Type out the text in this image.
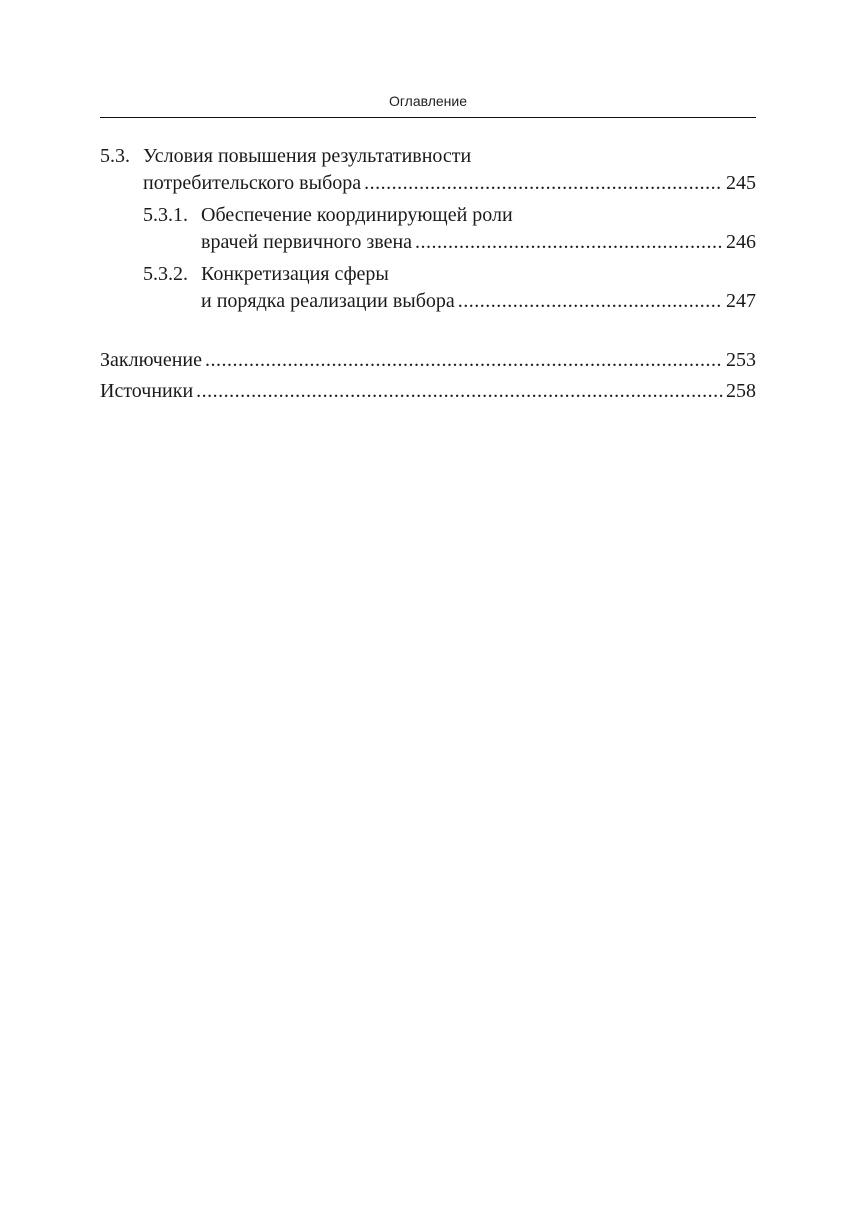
Оглавление
5.3. Условия повышения результативности
потребительского выбора .....	245
5.3.1. Обеспечение координирующей роли
врачей первичного звена .....	246
5.3.2. Конкретизация сферы
и порядка реализации выбора .....	247
Заключение .....	253
Источники .....	258
